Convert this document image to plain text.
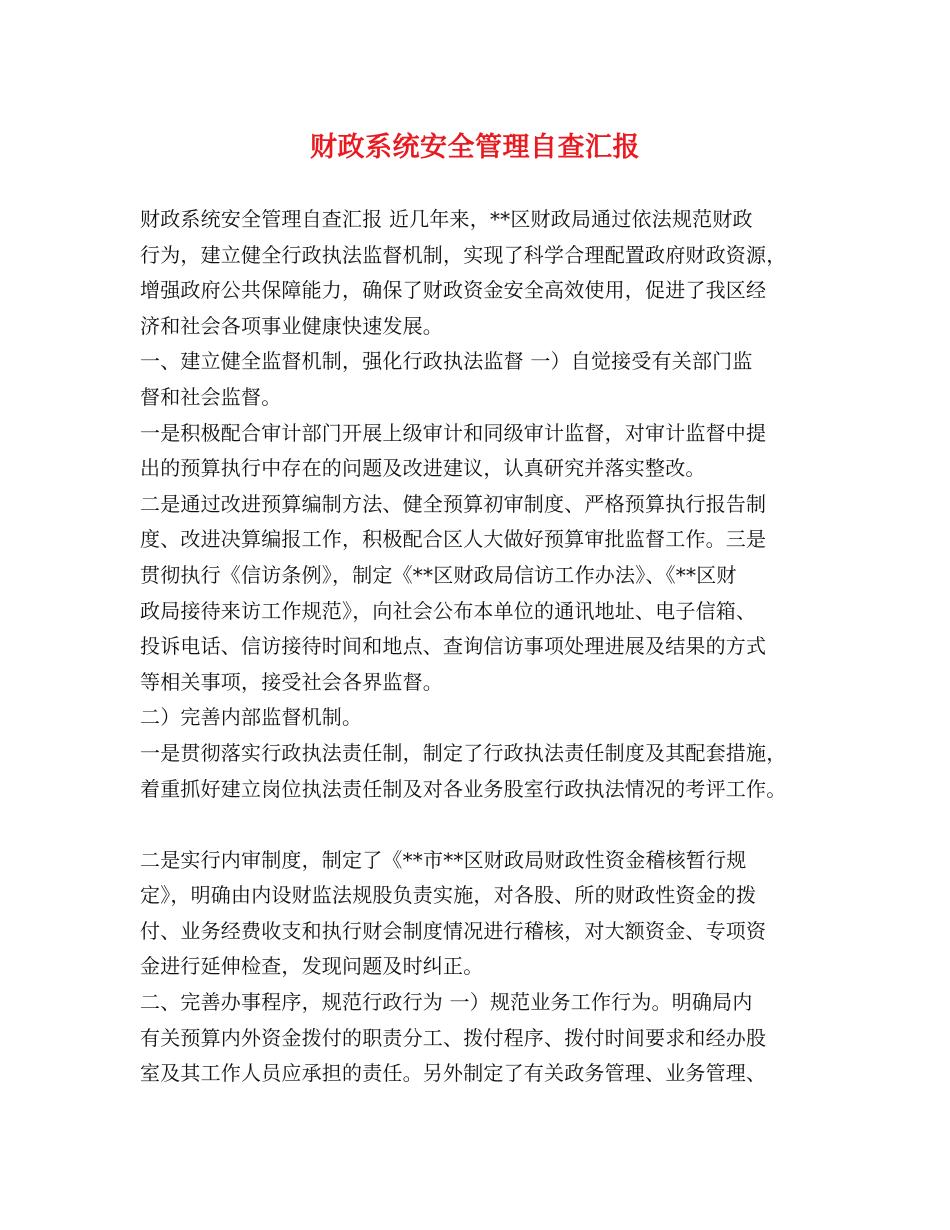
财政系统安全管理自查汇报
财政系统安全管理自查汇报 近几年来，**区财政局通过依法规范财政
行为，建立健全行政执法监督机制，实现了科学合理配置政府财政资源，
增强政府公共保障能力，确保了财政资金安全高效使用，促进了我区经
济和社会各项事业健康快速发展。
一、建立健全监督机制，强化行政执法监督 一）自觉接受有关部门监
督和社会监督。
一是积极配合审计部门开展上级审计和同级审计监督，对审计监督中提
出的预算执行中存在的问题及改进建议，认真研究并落实整改。
二是通过改进预算编制方法、健全预算初审制度、严格预算执行报告制
度、改进决算编报工作，积极配合区人大做好预算审批监督工作。三是
贯彻执行《信访条例》，制定《**区财政局信访工作办法》、《**区财
政局接待来访工作规范》，向社会公布本单位的通讯地址、电子信箱、
投诉电话、信访接待时间和地点、查询信访事项处理进展及结果的方式
等相关事项，接受社会各界监督。
二）完善内部监督机制。
一是贯彻落实行政执法责任制，制定了行政执法责任制度及其配套措施，
着重抓好建立岗位执法责任制及对各业务股室行政执法情况的考评工作。
二是实行内审制度，制定了《**市**区财政局财政性资金稽核暂行规
定》，明确由内设财监法规股负责实施，对各股、所的财政性资金的拨
付、业务经费收支和执行财会制度情况进行稽核，对大额资金、专项资
金进行延伸检查，发现问题及时纠正。
二、完善办事程序，规范行政行为 一）规范业务工作行为。明确局内
有关预算内外资金拨付的职责分工、拨付程序、拨付时间要求和经办股
室及其工作人员应承担的责任。另外制定了有关政务管理、业务管理、
